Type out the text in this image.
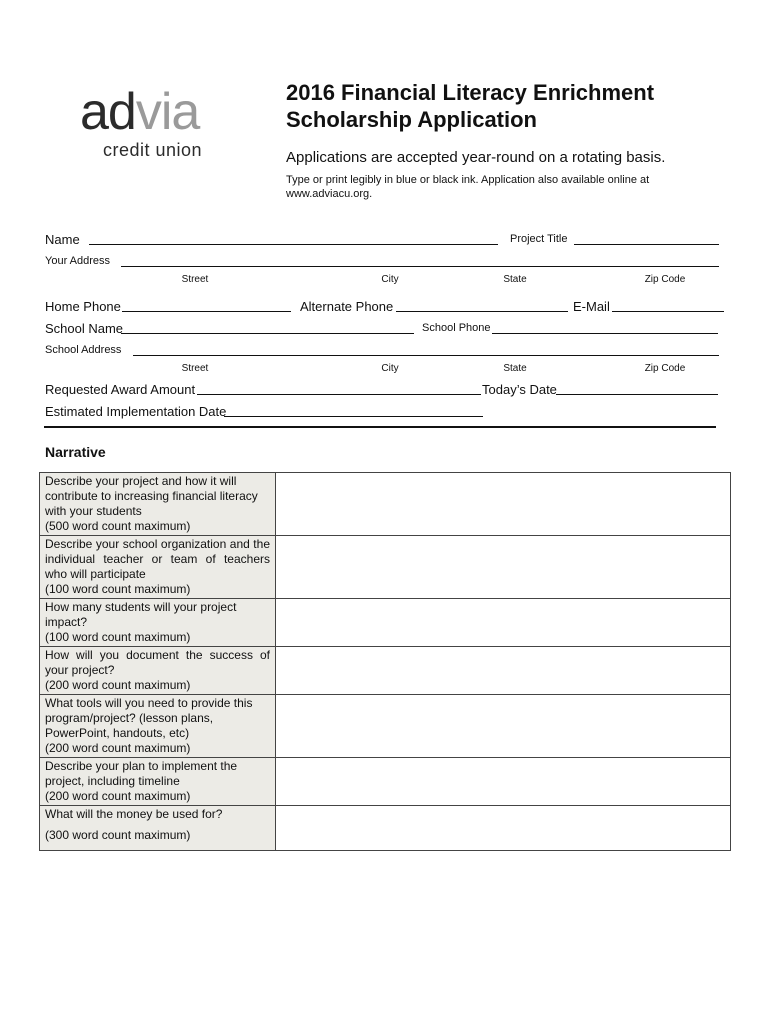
advia
credit union
2016 Financial Literacy Enrichment Scholarship Application
Applications are accepted year-round on a rotating basis.
Type or print legibly in blue or black ink. Application also available online at www.adviacu.org.
Name	Project Title
Your Address
Street	City	State	Zip Code
Home Phone	Alternate Phone	E-Mail
School Name	School Phone
School Address
Street	City	State	Zip Code
Requested Award Amount	Today’s Date
Estimated Implementation Date
Narrative
Describe your project and how it will contribute to increasing financial literacy with your students
(500 word count maximum)	

Describe your school organization and the individual teacher or team of teachers who will participate
(100 word count maximum)	

How many students will your project impact?
(100 word count maximum)	

How will you document the success of your project?
(200 word count maximum)	

What tools will you need to provide this program/project? (lesson plans, PowerPoint, handouts, etc)
(200 word count maximum)	

Describe your plan to implement the project, including timeline
(200 word count maximum)	

What will the money be used for?
(300 word count maximum)	
